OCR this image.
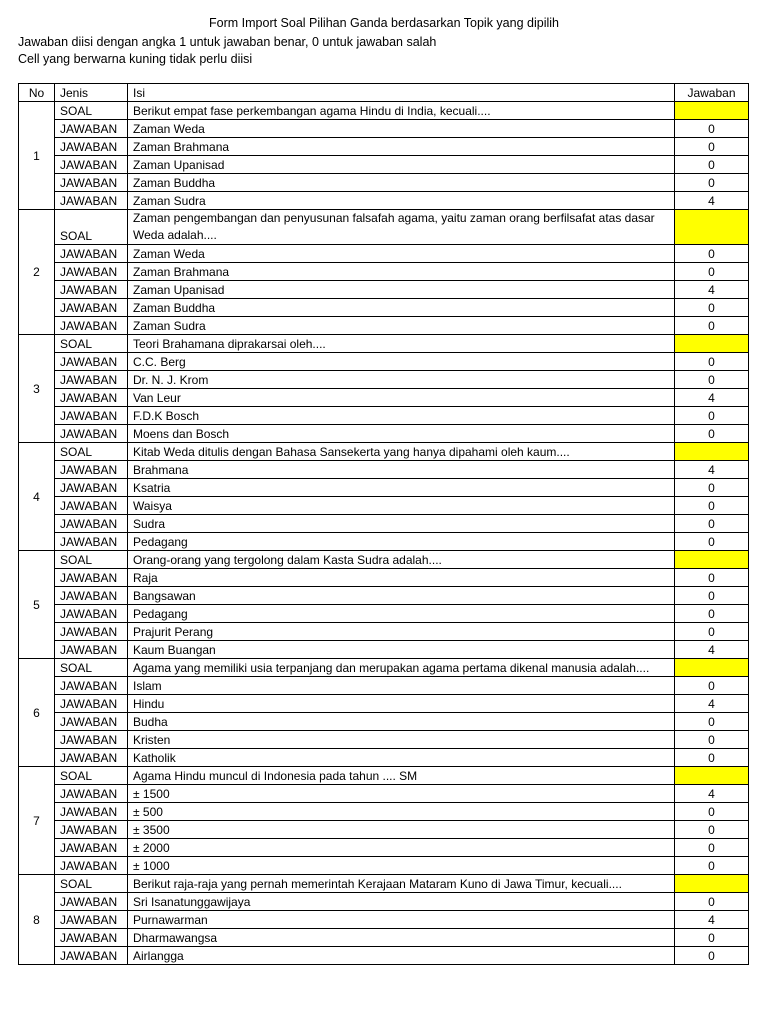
Form Import Soal Pilihan Ganda berdasarkan Topik yang dipilih
Jawaban diisi dengan angka 1 untuk jawaban benar, 0 untuk jawaban salah
Cell yang berwarna kuning tidak perlu diisi
No	Jenis	Isi	Jawaban
1	SOAL	Berikut empat fase perkembangan agama Hindu di India, kecuali....	
	JAWABAN	Zaman Weda	0
	JAWABAN	Zaman Brahmana	0
	JAWABAN	Zaman Upanisad	0
	JAWABAN	Zaman Buddha	0
	JAWABAN	Zaman Sudra	4
2	SOAL	Zaman pengembangan dan penyusunan falsafah agama, yaitu zaman orang berfilsafat atas dasar Weda adalah....	
	JAWABAN	Zaman Weda	0
	JAWABAN	Zaman Brahmana	0
	JAWABAN	Zaman Upanisad	4
	JAWABAN	Zaman Buddha	0
	JAWABAN	Zaman Sudra	0
3	SOAL	Teori Brahamana diprakarsai oleh....	
	JAWABAN	C.C. Berg	0
	JAWABAN	Dr. N. J. Krom	0
	JAWABAN	Van Leur	4
	JAWABAN	F.D.K Bosch	0
	JAWABAN	Moens dan Bosch	0
4	SOAL	Kitab Weda ditulis dengan Bahasa Sansekerta yang hanya dipahami oleh kaum....	
	JAWABAN	Brahmana	4
	JAWABAN	Ksatria	0
	JAWABAN	Waisya	0
	JAWABAN	Sudra	0
	JAWABAN	Pedagang	0
5	SOAL	Orang-orang yang tergolong dalam Kasta Sudra adalah....	
	JAWABAN	Raja	0
	JAWABAN	Bangsawan	0
	JAWABAN	Pedagang	0
	JAWABAN	Prajurit Perang	0
	JAWABAN	Kaum Buangan	4
6	SOAL	Agama yang memiliki usia terpanjang dan merupakan agama pertama dikenal manusia adalah....	
	JAWABAN	Islam	0
	JAWABAN	Hindu	4
	JAWABAN	Budha	0
	JAWABAN	Kristen	0
	JAWABAN	Katholik	0
7	SOAL	Agama Hindu muncul di Indonesia pada tahun .... SM	
	JAWABAN	± 1500	4
	JAWABAN	± 500	0
	JAWABAN	± 3500	0
	JAWABAN	± 2000	0
	JAWABAN	± 1000	0
8	SOAL	Berikut raja-raja yang pernah memerintah Kerajaan Mataram Kuno di Jawa Timur, kecuali....	
	JAWABAN	Sri Isanatunggawijaya	0
	JAWABAN	Purnawarman	4
	JAWABAN	Dharmawangsa	0
	JAWABAN	Airlangga	0
